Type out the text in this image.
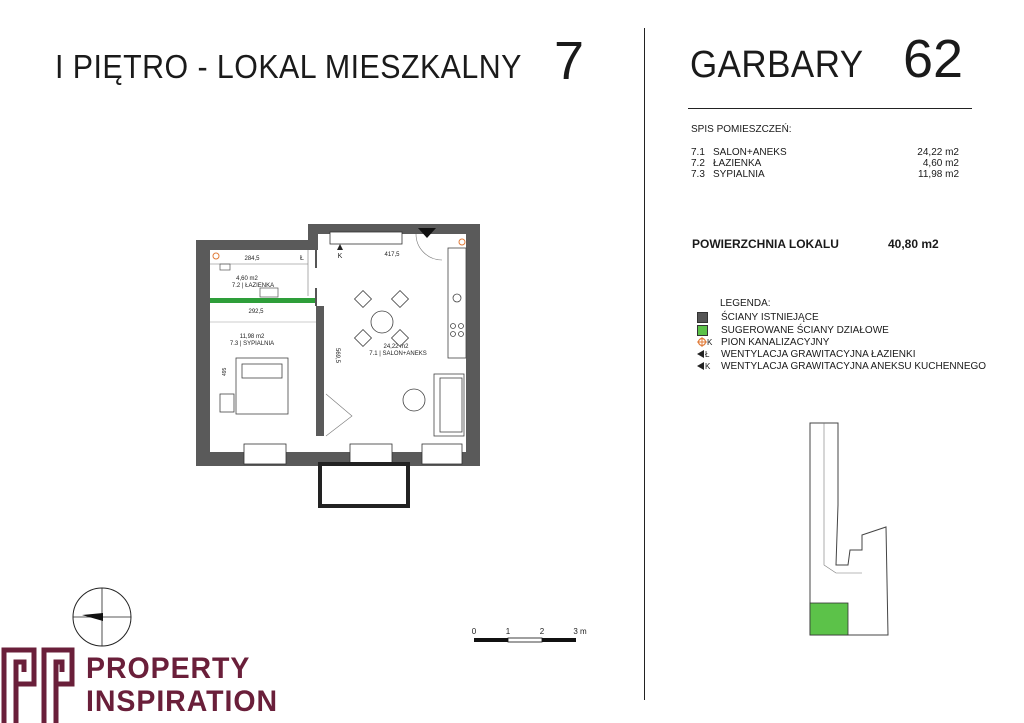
I PIĘTRO - LOKAL MIESZKALNY 7	GARBARY 62
SPIS POMIESZCZEŃ:
7.1 SALON+ANEKS	24,22 m2
7.2 ŁAZIENKA	4,60 m2
7.3 SYPIALNIA	11,98 m2
POWIERZCHNIA LOKALU	40,80 m2
LEGENDA:
ŚCIANY ISTNIEJĄCE
SUGEROWANE ŚCIANY DZIAŁOWE
K PION KANALIZACYJNY
Ł WENTYLACJA GRAWITACYJNA ŁAZIENKI
K WENTYLACJA GRAWITACYJNA ANEKSU KUCHENNEGO
284,5
4,60 m2
7.2 | ŁAZIENKA
292,5
11,98 m2
7.3 | SYPIALNIA
495
417,5
569,5
24,22 m2
7.1 | SALON+ANEKS
K
Ł
0	1	2	3 m
PROPERTY
INSPIRATION
